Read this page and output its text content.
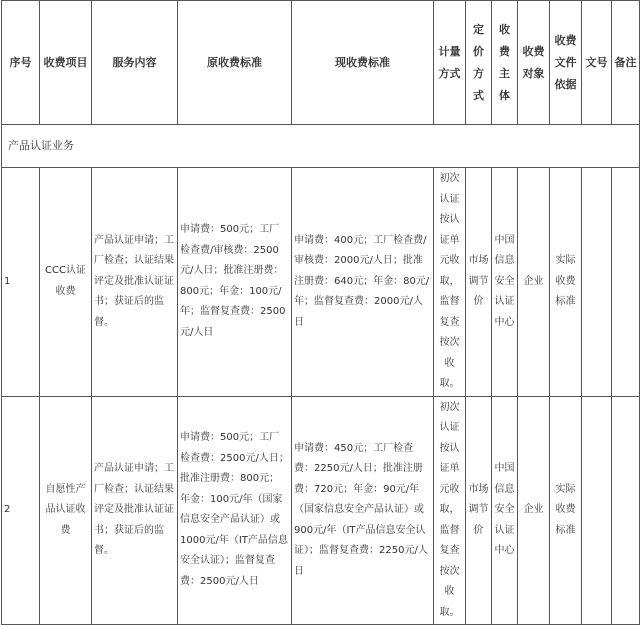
序号	收费项目	服务内容	原收费标准	现收费标准	计量方式	定价方式	收费主体	收费对象	收费文件依据	文号	备注
产品认证业务											
1	CCC认证收费	产品认证申请；工厂检查；认证结果评定及批准认证证书；获证后的监督。	申请费：500元；工厂检查费/审核费：2500元/人日；批准注册费：800元；年金：100元/年；监督复查费：2500元/人日	申请费：400元；工厂检查费/审核费：2000元/人日；批准注册费：640元；年金：80元/年；监督复查费：2000元/人日	初次认证按认证单元收取，监督复查按次收取。	市场调节价	中国信息安全认证中心	企业	实际收费标准		
2	自愿性产品认证收费	产品认证申请；工厂检查；认证结果评定及批准认证证书；获证后的监督。	申请费：500元；工厂检查费：2500元/人日；批准注册费：800元；年金：100元/年（国家信息安全产品认证）或1000元/年（IT产品信息安全认证）；监督复查费：2500元/人日	申请费：450元；工厂检查费：2250元/人日；批准注册费：720元；年金：90元/年（国家信息安全产品认证）或900元/年（IT产品信息安全认证）；监督复查费：2250元/人日	初次认证按认证单元收取，监督复查按次收取。	市场调节价	中国信息安全认证中心	企业	实际收费标准		
